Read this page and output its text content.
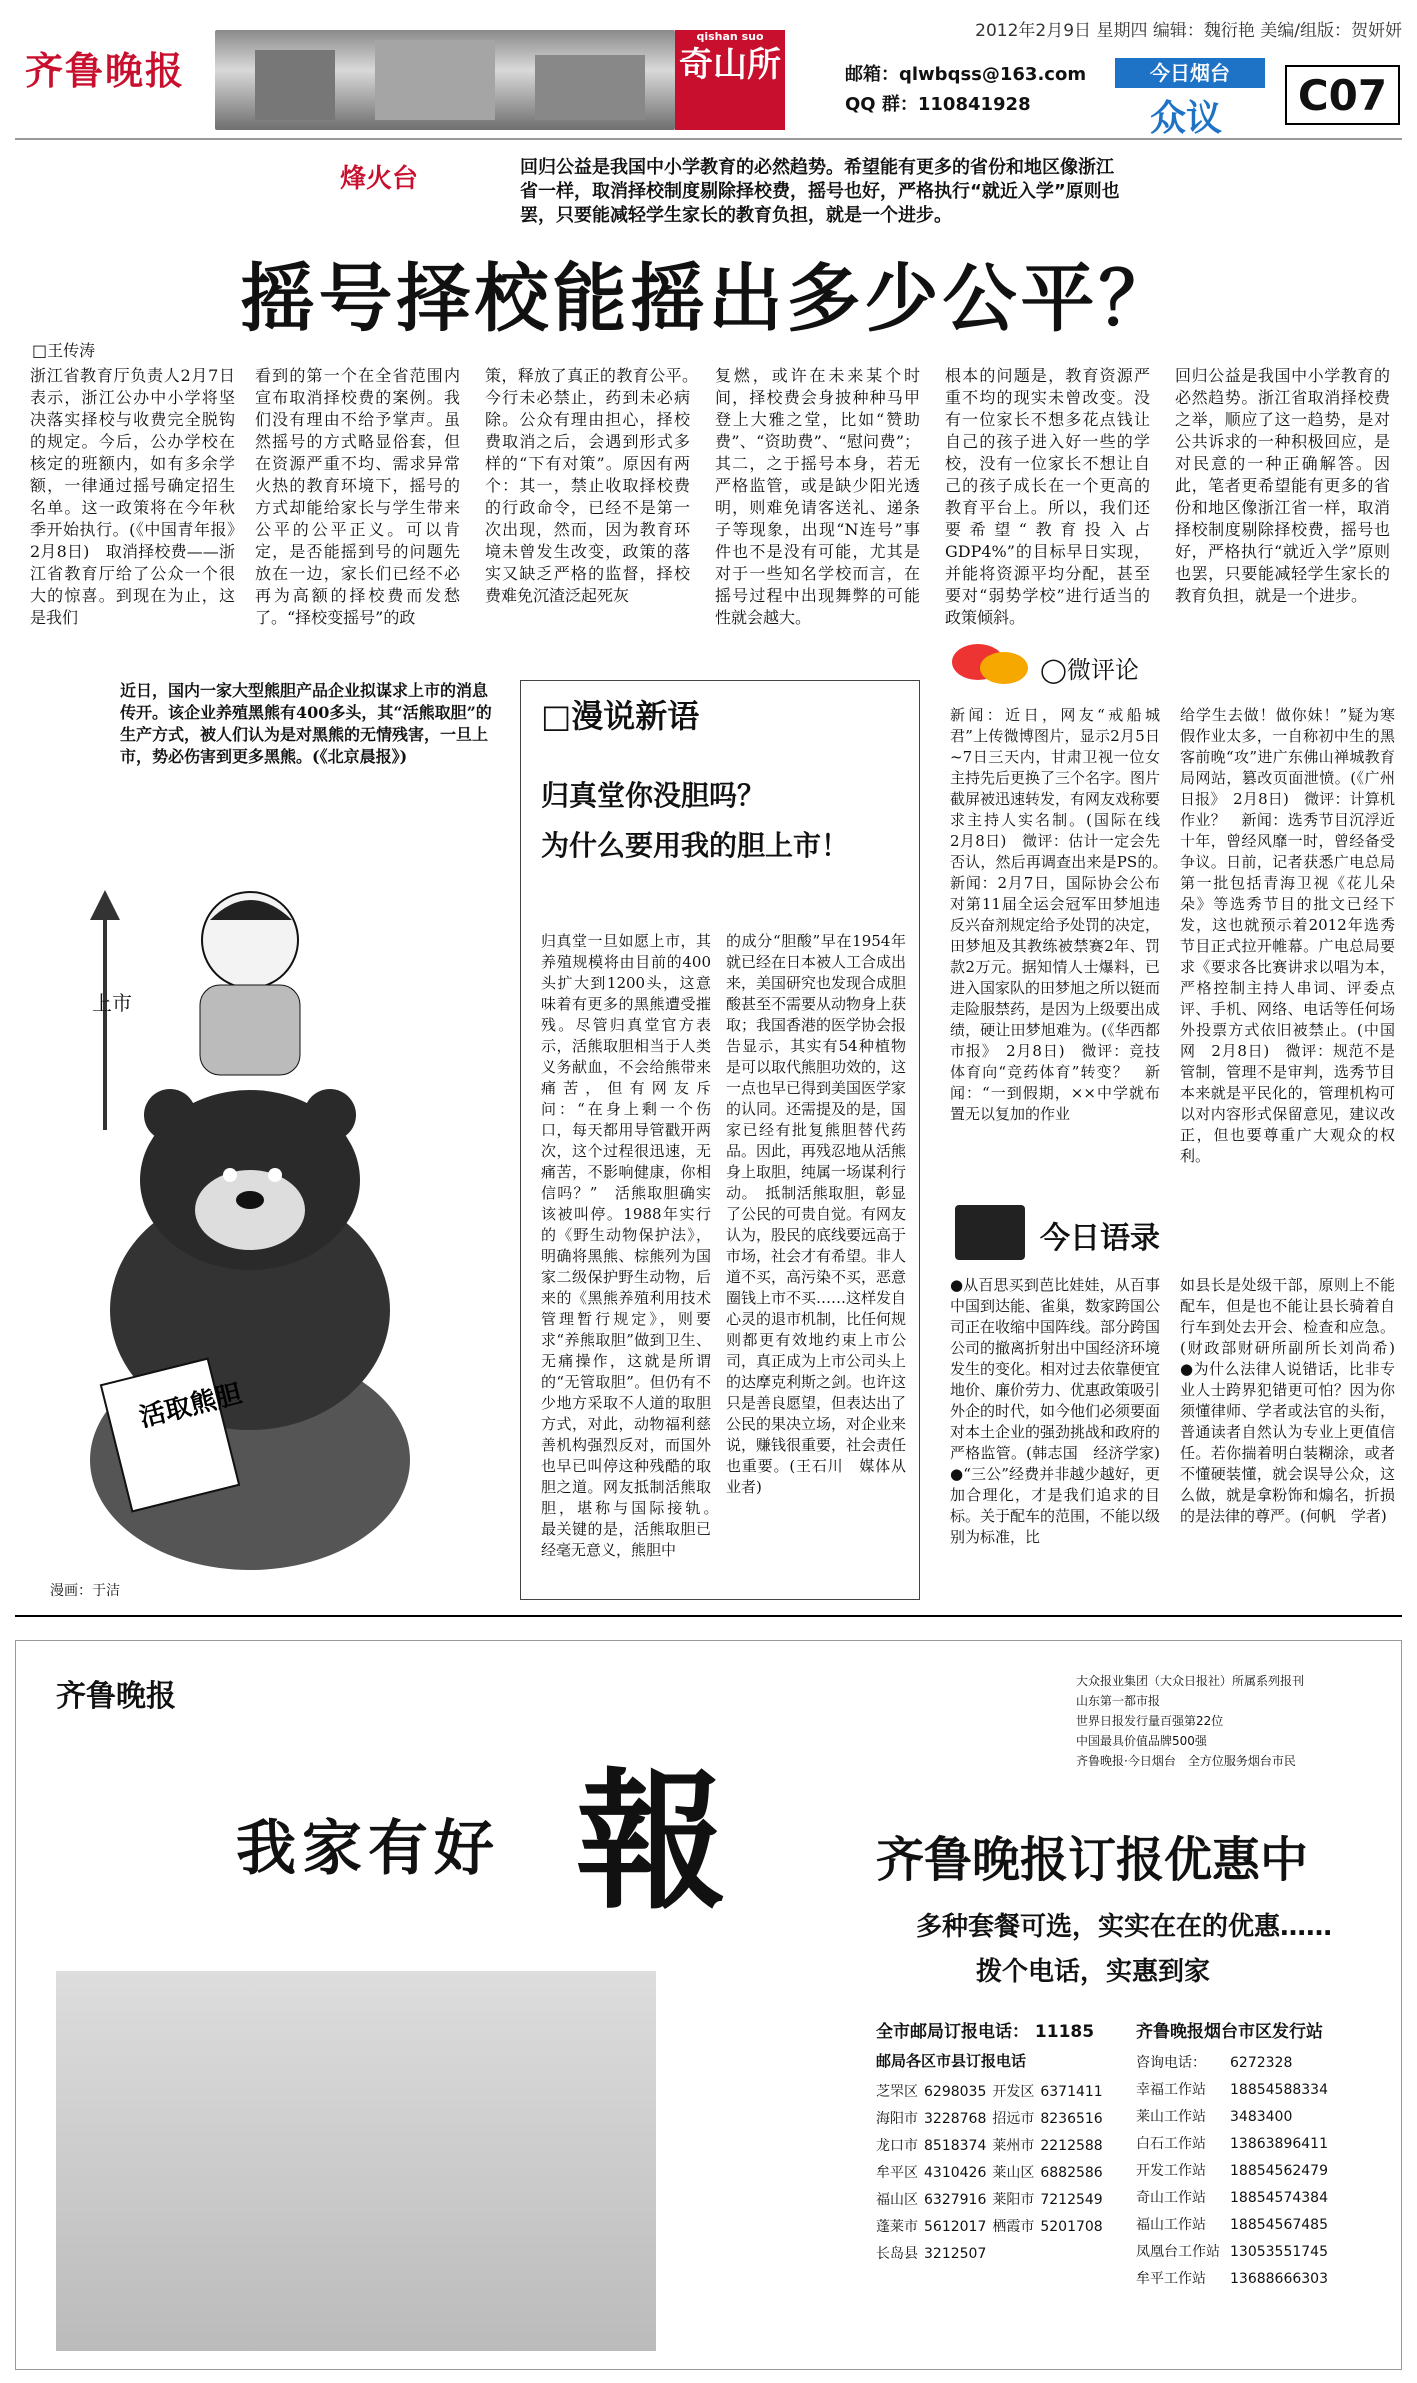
齐鲁晚报
2012年2月9日 星期四 编辑：魏衍艳 美编/组版：贺妍妍
qishan suo
奇山所	邮箱：qlwbqss@163.com
QQ 群：110841928
今日烟台
众议	C07
烽火台	回归公益是我国中小学教育的必然趋势。希望能有更多的省份和地区像浙江省一样，取消择校制度剔除择校费，摇号也好，严格执行“就近入学”原则也罢，只要能减轻学生家长的教育负担，就是一个进步。
摇号择校能摇出多少公平？
□王传涛
浙江省教育厅负责人2月7日表示，浙江公办中小学将坚决落实择校与收费完全脱钩的规定。今后，公办学校在核定的班额内，如有多余学额，一律通过摇号确定招生名单。这一政策将在今年秋季开始执行。(《中国青年报》2月8日)　取消择校费——浙江省教育厅给了公众一个很大的惊喜。到现在为止，这是我们
看到的第一个在全省范围内宣布取消择校费的案例。我们没有理由不给予掌声。虽然摇号的方式略显俗套，但在资源严重不均、需求异常火热的教育环境下，摇号的方式却能给家长与学生带来公平的公平正义。可以肯定，是否能摇到号的问题先放在一边，家长们已经不必再为高额的择校费而发愁了。“择校变摇号”的政
策，释放了真正的教育公平。　今行未必禁止，药到未必病除。公众有理由担心，择校费取消之后，会遇到形式多样的“下有对策”。原因有两个：其一，禁止收取择校费的行政命令，已经不是第一次出现，然而，因为教育环境未曾发生改变，政策的落实又缺乏严格的监督，择校费难免沉渣泛起死灰
复燃，或许在未来某个时间，择校费会身披种种马甲登上大雅之堂，比如“赞助费”、“资助费”、“慰问费”；其二，之于摇号本身，若无严格监管，或是缺少阳光透明，则难免请客送礼、递条子等现象，出现“N连号”事件也不是没有可能，尤其是对于一些知名学校而言，在摇号过程中出现舞弊的可能性就会越大。
根本的问题是，教育资源严重不均的现实未曾改变。没有一位家长不想多花点钱让自己的孩子进入好一些的学校，没有一位家长不想让自己的孩子成长在一个更高的教育平台上。所以，我们还要希望“教育投入占GDP4%”的目标早日实现，并能将资源平均分配，甚至要对“弱势学校”进行适当的政策倾斜。
回归公益是我国中小学教育的必然趋势。浙江省取消择校费之举，顺应了这一趋势，是对公共诉求的一种积极回应，是对民意的一种正确解答。因此，笔者更希望能有更多的省份和地区像浙江省一样，取消择校制度剔除择校费，摇号也好，严格执行“就近入学”原则也罢，只要能减轻学生家长的教育负担，就是一个进步。
近日，国内一家大型熊胆产品企业拟谋求上市的消息传开。该企业养殖黑熊有400多头，其“活熊取胆”的生产方式，被人们认为是对黑熊的无情残害，一旦上市，势必伤害到更多黑熊。(《北京晨报》)
上市
活取熊胆
漫画：于洁
□漫说新语
归真堂你没胆吗？
为什么要用我的胆上市！
归真堂一旦如愿上市，其养殖规模将由目前的400头扩大到1200头，这意味着有更多的黑熊遭受摧残。尽管归真堂官方表示，活熊取胆相当于人类义务献血，不会给熊带来痛苦，但有网友斥问：“在身上剩一个伤口，每天都用导管戳开两次，这个过程很迅速，无痛苦，不影响健康，你相信吗？”　活熊取胆确实该被叫停。1988年实行的《野生动物保护法》，明确将黑熊、棕熊列为国家二级保护野生动物，后来的《黑熊养殖利用技术管理暂行规定》，则要求“养熊取胆”做到卫生、无痛操作，这就是所谓的“无管取胆”。但仍有不少地方采取不人道的取胆方式，对此，动物福利慈善机构强烈反对，而国外也早已叫停这种残酷的取胆之道。网友抵制活熊取胆，堪称与国际接轨。　最关键的是，活熊取胆已经毫无意义，熊胆中
的成分“胆酸”早在1954年就已经在日本被人工合成出来，美国研究也发现合成胆酸甚至不需要从动物身上获取；我国香港的医学协会报告显示，其实有54种植物是可以取代熊胆功效的，这一点也早已得到美国医学家的认同。还需提及的是，国家已经有批复熊胆替代药品。因此，再残忍地从活熊身上取胆，纯属一场谋利行动。　抵制活熊取胆，彰显了公民的可贵自觉。有网友认为，股民的底线要远高于市场，社会才有希望。非人道不买，高污染不买，恶意圈钱上市不买……这样发自心灵的退市机制，比任何规则都更有效地约束上市公司，真正成为上市公司头上的达摩克利斯之剑。也许这只是善良愿望，但表达出了公民的果决立场，对企业来说，赚钱很重要，社会责任也重要。(王石川　媒体从业者)
◯微评论
新闻：近日，网友“戒船城君”上传微博图片，显示2月5日~7日三天内，甘肃卫视一位女主持先后更换了三个名字。图片截屏被迅速转发，有网友戏称要求主持人实名制。(国际在线　2月8日)　微评：估计一定会先否认，然后再调查出来是PS的。　新闻：2月7日，国际协会公布对第11届全运会冠军田梦旭违反兴奋剂规定给予处罚的决定，田梦旭及其教练被禁赛2年、罚款2万元。据知情人士爆料，已进入国家队的田梦旭之所以铤而走险服禁药，是因为上级要出成绩，硬让田梦旭难为。(《华西都市报》　2月8日)　微评：竞技体育向“竞药体育”转变？　新闻：“一到假期，××中学就布置无以复加的作业
给学生去做！做你妹！”疑为寒假作业太多，一自称初中生的黑客前晚“攻”进广东佛山禅城教育局网站，篡改页面泄愤。(《广州日报》　2月8日)　微评：计算机作业？　新闻：选秀节目沉浮近十年，曾经风靡一时，曾经备受争议。日前，记者获悉广电总局第一批包括青海卫视《花儿朵朵》等选秀节目的批文已经下发，这也就预示着2012年选秀节目正式拉开帷幕。广电总局要求《要求各比赛讲求以唱为本，严格控制主持人串词、评委点评、手机、网络、电话等任何场外投票方式依旧被禁止。(中国网　2月8日)　微评：规范不是管制，管理不是审判，选秀节目本来就是平民化的，管理机构可以对内容形式保留意见，建议改正，但也要尊重广大观众的权利。
今日语录
●从百思买到芭比娃娃，从百事中国到达能、雀巢，数家跨国公司正在收缩中国阵线。部分跨国公司的撤离折射出中国经济环境发生的变化。相对过去依靠便宜地价、廉价劳力、优惠政策吸引外企的时代，如今他们必须要面对本土企业的强劲挑战和政府的严格监管。(韩志国　经济学家)　●“三公”经费并非越少越好，更加合理化，才是我们追求的目标。关于配车的范围，不能以级别为标准，比
如县长是处级干部，原则上不能配车，但是也不能让县长骑着自行车到处去开会、检查和应急。(财政部财研所副所长刘尚希)　●为什么法律人说错话，比非专业人士跨界犯错更可怕？因为你须懂律师、学者或法官的头衔，普通读者自然认为专业上更值信任。若你揣着明白装糊涂，或者不懂硬装懂，就会误导公众，这么做，就是拿粉饰和煽名，折损的是法律的尊严。(何帆　学者)
齐鲁晚报	大众报业集团（大众日报社）所属系列报刊
山东第一都市报
世界日报发行量百强第22位
中国最具价值品牌500强
齐鲁晚报·今日烟台　全方位服务烟台市民
報
我家有好	齐鲁晚报订报优惠中
多种套餐可选，实实在在的优惠……
拨个电话，实惠到家
全市邮局订报电话： 11185
邮局各区市县订报电话
芝罘区	6298035	开发区	6371411
海阳市	3228768	招远市	8236516
龙口市	8518374	莱州市	2212588
牟平区	4310426	莱山区	6882586
福山区	6327916	莱阳市	7212549
蓬莱市	5612017	栖霞市	5201708
长岛县	3212507		
齐鲁晚报烟台市区发行站
咨询电话：	6272328
幸福工作站	18854588334
莱山工作站	3483400
白石工作站	13863896411
开发工作站	18854562479
奇山工作站	18854574384
福山工作站	18854567485
凤凰台工作站	13053551745
牟平工作站	13688666303
